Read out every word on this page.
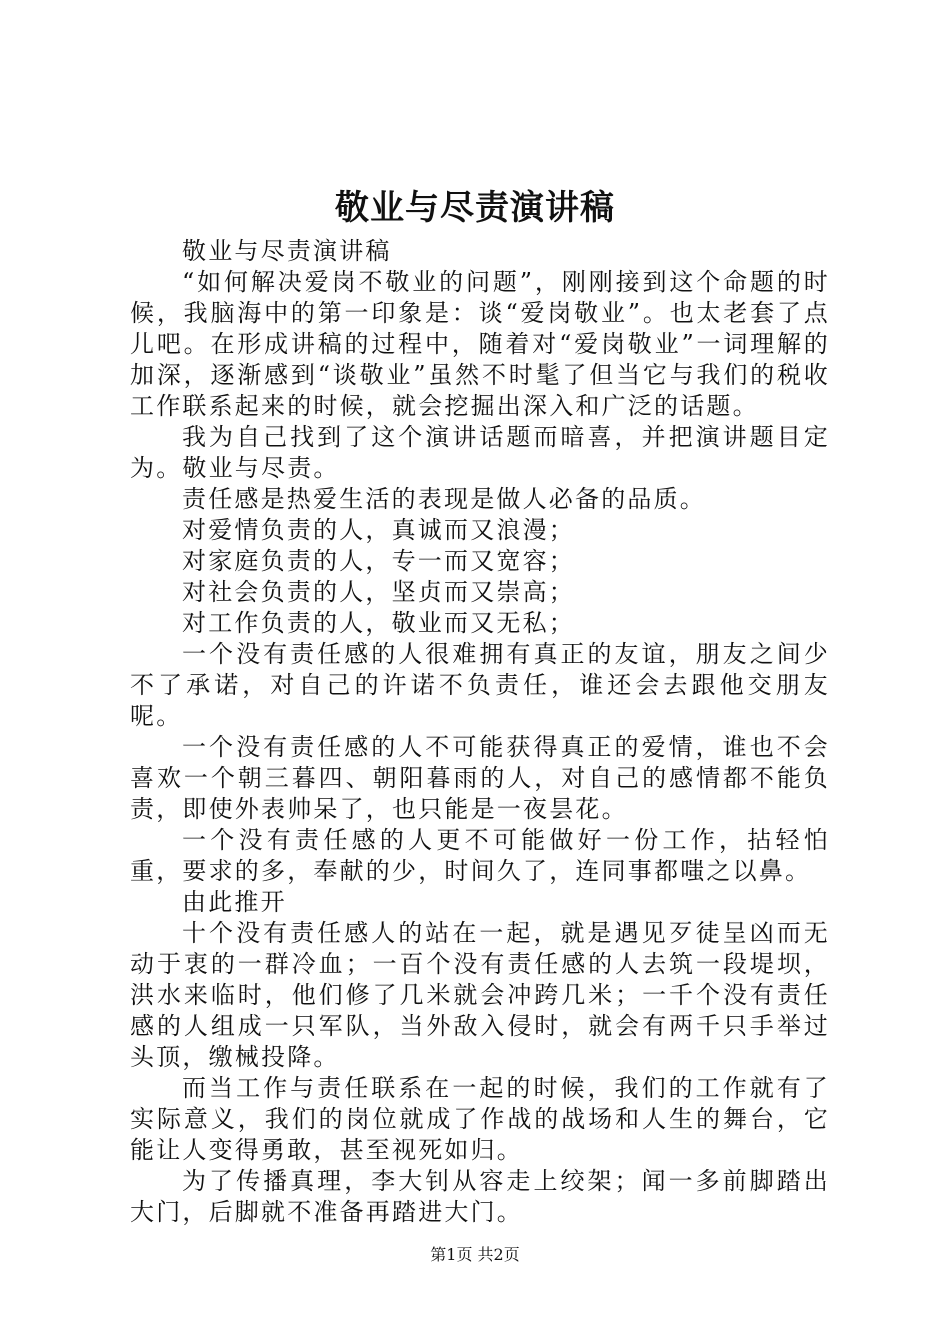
敬业与尽责演讲稿

敬业与尽责演讲稿

“如何解决爱岗不敬业的问题”，刚刚接到这个命题的时候，我脑海中的第一印象是：谈“爱岗敬业”。也太老套了点儿吧。在形成讲稿的过程中，随着对“爱岗敬业”一词理解的加深，逐渐感到“谈敬业”虽然不时髦了但当它与我们的税收工作联系起来的时候，就会挖掘出深入和广泛的话题。

我为自己找到了这个演讲话题而暗喜，并把演讲题目定为。敬业与尽责。

责任感是热爱生活的表现是做人必备的品质。

对爱情负责的人，真诚而又浪漫；

对家庭负责的人，专一而又宽容；

对社会负责的人，坚贞而又崇高；

对工作负责的人，敬业而又无私；

一个没有责任感的人很难拥有真正的友谊，朋友之间少不了承诺，对自己的许诺不负责任，谁还会去跟他交朋友呢。

一个没有责任感的人不可能获得真正的爱情，谁也不会喜欢一个朝三暮四、朝阳暮雨的人，对自己的感情都不能负责，即使外表帅呆了，也只能是一夜昙花。

一个没有责任感的人更不可能做好一份工作，拈轻怕重，要求的多，奉献的少，时间久了，连同事都嗤之以鼻。

由此推开

十个没有责任感人的站在一起，就是遇见歹徒呈凶而无动于衷的一群冷血；一百个没有责任感的人去筑一段堤坝，洪水来临时，他们修了几米就会冲跨几米；一千个没有责任感的人组成一只军队，当外敌入侵时，就会有两千只手举过头顶，缴械投降。

而当工作与责任联系在一起的时候，我们的工作就有了实际意义，我们的岗位就成了作战的战场和人生的舞台，它能让人变得勇敢，甚至视死如归。

为了传播真理，李大钊从容走上绞架；闻一多前脚踏出大门，后脚就不准备再踏进大门。

第1页 共2页
